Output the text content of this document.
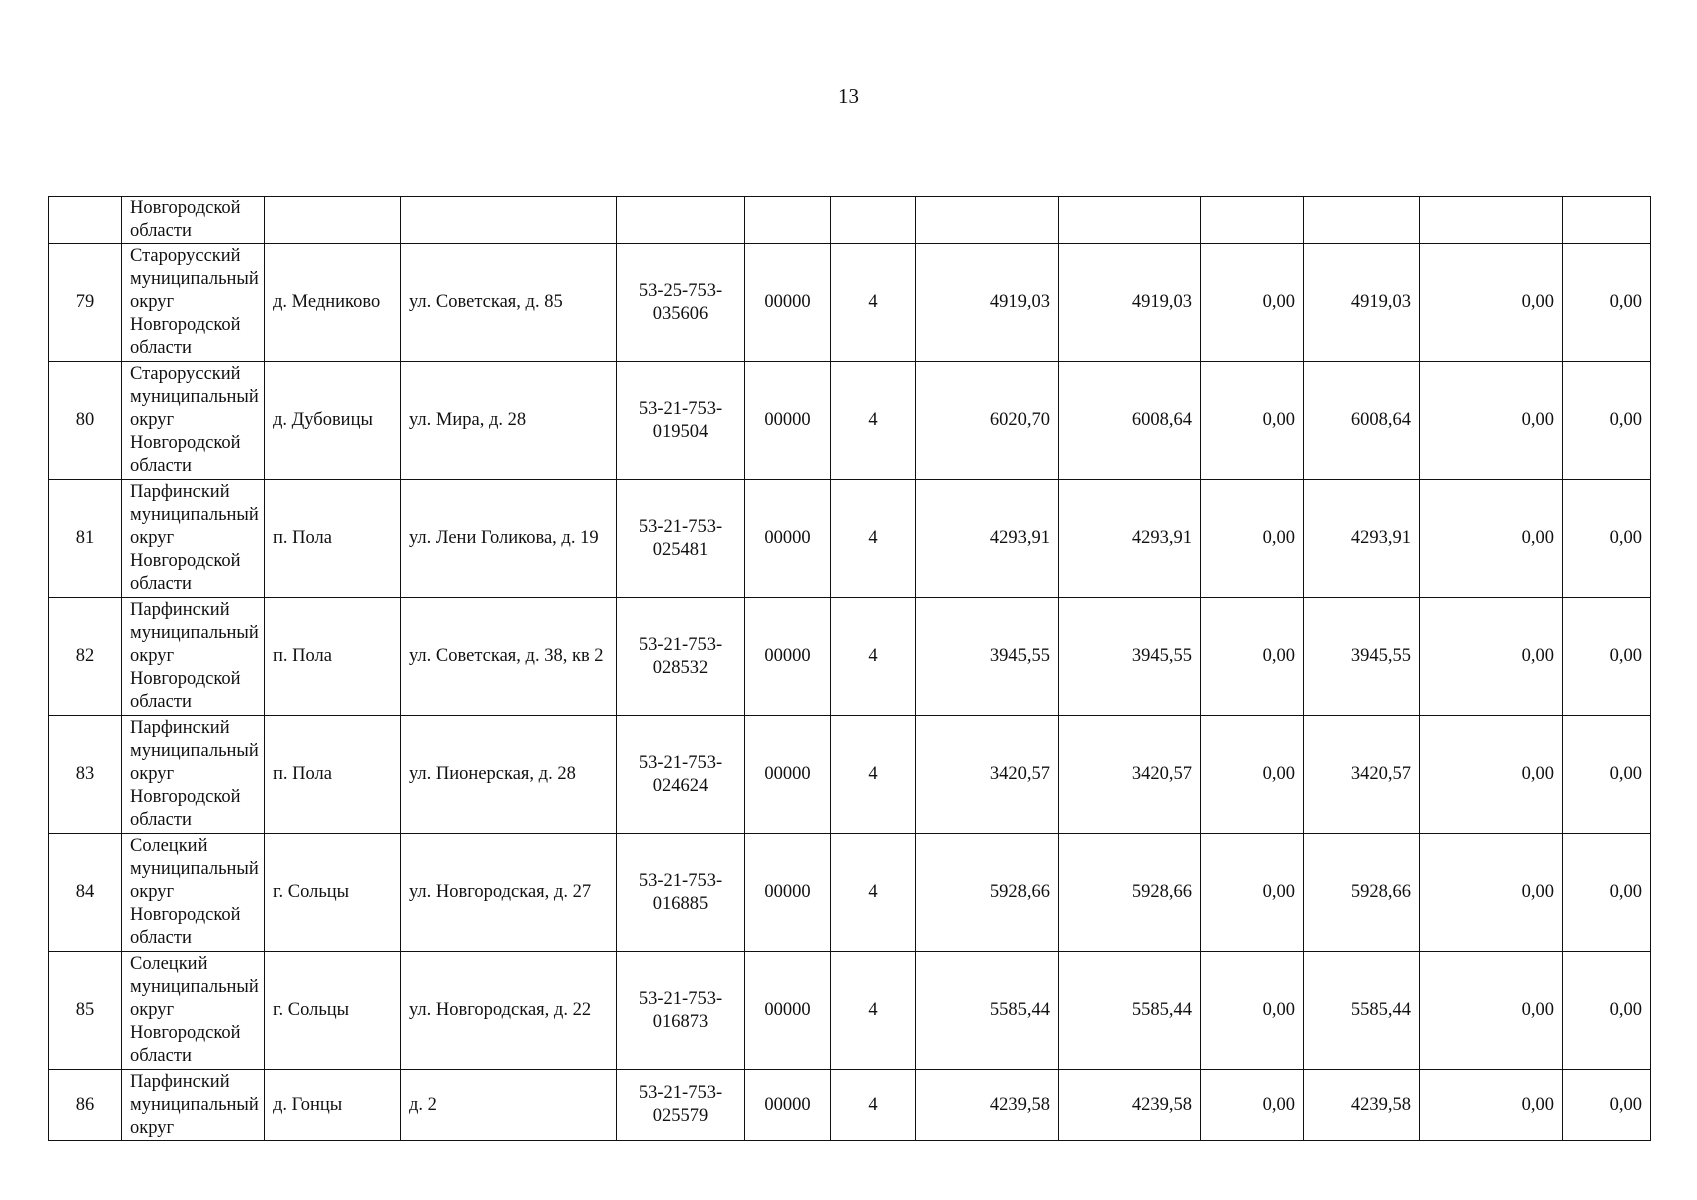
13
	Новгородской области											
79	Старорусский муниципальный округ Новгородской области	д. Медниково	ул. Советская, д. 85	53-25-753-035606	00000	4	4919,03	4919,03	0,00	4919,03	0,00	0,00
80	Старорусский муниципальный округ Новгородской области	д. Дубовицы	ул. Мира, д. 28	53-21-753-019504	00000	4	6020,70	6008,64	0,00	6008,64	0,00	0,00
81	Парфинский муниципальный округ Новгородской области	п. Пола	ул. Лени Голикова, д. 19	53-21-753-025481	00000	4	4293,91	4293,91	0,00	4293,91	0,00	0,00
82	Парфинский муниципальный округ Новгородской области	п. Пола	ул. Советская, д. 38, кв 2	53-21-753-028532	00000	4	3945,55	3945,55	0,00	3945,55	0,00	0,00
83	Парфинский муниципальный округ Новгородской области	п. Пола	ул. Пионерская, д. 28	53-21-753-024624	00000	4	3420,57	3420,57	0,00	3420,57	0,00	0,00
84	Солецкий муниципальный округ Новгородской области	г. Сольцы	ул. Новгородская, д. 27	53-21-753-016885	00000	4	5928,66	5928,66	0,00	5928,66	0,00	0,00
85	Солецкий муниципальный округ Новгородской области	г. Сольцы	ул. Новгородская, д. 22	53-21-753-016873	00000	4	5585,44	5585,44	0,00	5585,44	0,00	0,00
86	Парфинский муниципальный округ	д. Гонцы	д. 2	53-21-753-025579	00000	4	4239,58	4239,58	0,00	4239,58	0,00	0,00
